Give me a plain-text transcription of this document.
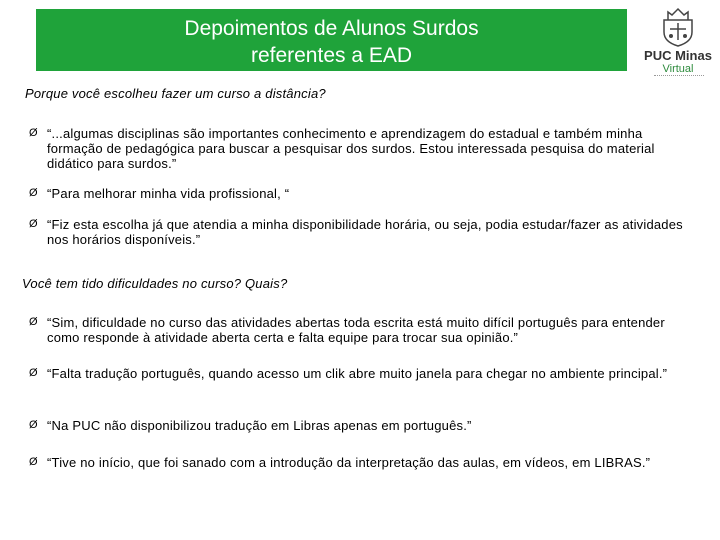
Depoimentos de Alunos Surdos
referentes a EAD	PUC Minas
Virtual
Porque você escolheu fazer um curso a distância?
Ø “...algumas disciplinas são importantes conhecimento e aprendizagem do estadual e também minha formação de pedagógica para buscar a pesquisar dos surdos. Estou interessada pesquisa do material didático para surdos.”
Ø “Para melhorar minha vida profissional, “
Ø “Fiz esta escolha já que atendia a minha disponibilidade horária, ou seja, podia estudar/fazer as atividades nos horários disponíveis.”
Você tem tido dificuldades no curso? Quais?
Ø “Sim, dificuldade no curso das atividades abertas toda escrita está muito difícil português para entender como responde à atividade aberta certa e falta equipe para trocar sua opinião.”
Ø “Falta tradução português, quando acesso um clik abre muito janela para chegar no ambiente principal.”
Ø “Na PUC não disponibilizou tradução em Libras apenas em português.”
Ø “Tive no início, que foi sanado com a introdução da interpretação das aulas, em vídeos, em LIBRAS.”
